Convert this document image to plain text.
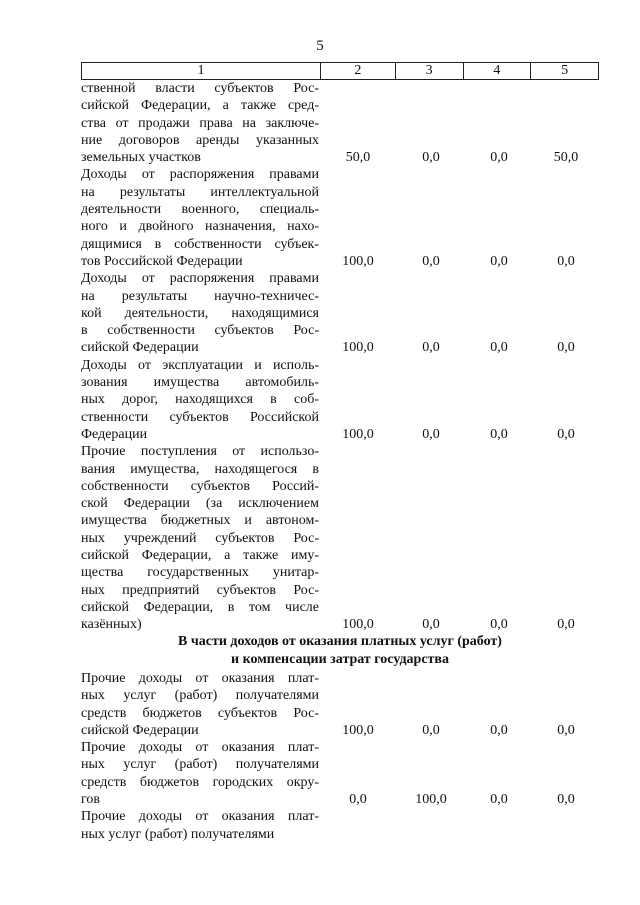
5
1	2	3	4	5
ственной власти субъектов Рос-
сийской Федерации, а также сред-
ства от продажи права на заключе-
ние договоров аренды указанных
земельных участков	50,0	0,0	0,0	50,0
Доходы от распоряжения правами
на результаты интеллектуальной
деятельности военного, специаль-
ного и двойного назначения, нахо-
дящимися в собственности субъек-
тов Российской Федерации	100,0	0,0	0,0	0,0
Доходы от распоряжения правами
на результаты научно-техничес-
кой деятельности, находящимися
в собственности субъектов Рос-
сийской Федерации	100,0	0,0	0,0	0,0
Доходы от эксплуатации и исполь-
зования имущества автомобиль-
ных дорог, находящихся в соб-
ственности субъектов Российской
Федерации	100,0	0,0	0,0	0,0
Прочие поступления от использо-
вания имущества, находящегося в
собственности субъектов Россий-
ской Федерации (за исключением
имущества бюджетных и автоном-
ных учреждений субъектов Рос-
сийской Федерации, а также иму-
щества государственных унитар-
ных предприятий субъектов Рос-
сийской Федерации, в том числе
казённых)	100,0	0,0	0,0	0,0
В части доходов от оказания платных услуг (работ)
и компенсации затрат государства
Прочие доходы от оказания плат-
ных услуг (работ) получателями
средств бюджетов субъектов Рос-
сийской Федерации	100,0	0,0	0,0	0,0
Прочие доходы от оказания плат-
ных услуг (работ) получателями
средств бюджетов городских окру-
гов	0,0	100,0	0,0	0,0
Прочие доходы от оказания плат-
ных услуг (работ) получателями
